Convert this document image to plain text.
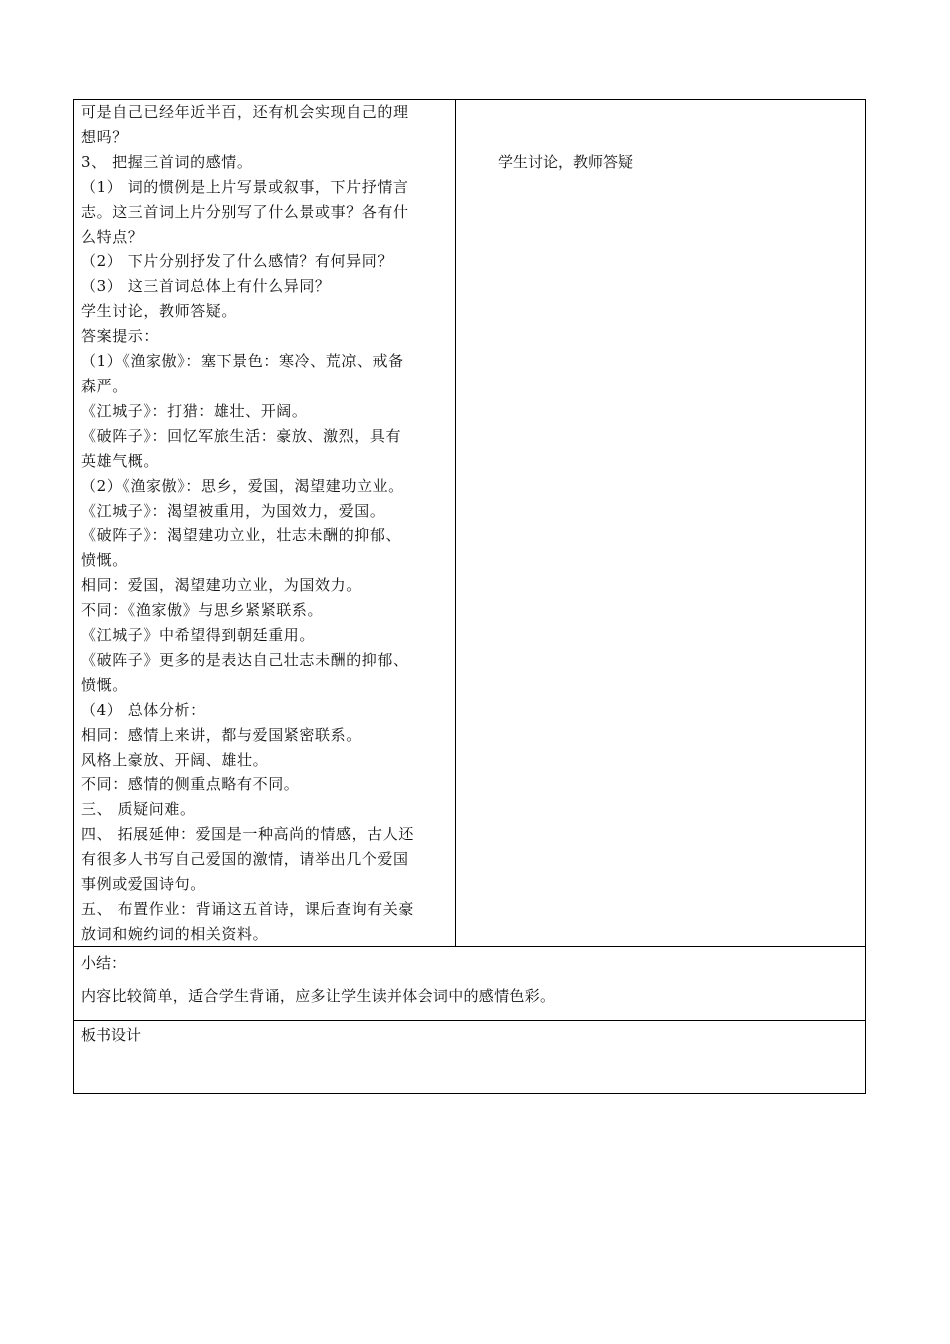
可是自己已经年近半百，还有机会实现自己的理
想吗？
3、 把握三首词的感情。
（1） 词的惯例是上片写景或叙事，下片抒情言
志。这三首词上片分别写了什么景或事？各有什
么特点？
（2） 下片分别抒发了什么感情？有何异同？
（3） 这三首词总体上有什么异同？
学生讨论，教师答疑。
答案提示：
（1）《渔家傲》：塞下景色：寒冷、荒凉、戒备
森严。
《江城子》：打猎：雄壮、开阔。
《破阵子》：回忆军旅生活：豪放、激烈，具有
英雄气概。
（2）《渔家傲》：思乡，爱国，渴望建功立业。
《江城子》：渴望被重用，为国效力，爱国。
《破阵子》：渴望建功立业，壮志未酬的抑郁、
愤慨。
相同：爱国，渴望建功立业，为国效力。
不同：《渔家傲》与思乡紧紧联系。
《江城子》中希望得到朝廷重用。
《破阵子》更多的是表达自己壮志未酬的抑郁、
愤慨。
（4） 总体分析：
相同：感情上来讲，都与爱国紧密联系。
风格上豪放、开阔、雄壮。
不同：感情的侧重点略有不同。
三、 质疑问难。
四、 拓展延伸：爱国是一种高尚的情感，古人还
有很多人书写自己爱国的激情，请举出几个爱国
事例或爱国诗句。
五、 布置作业：背诵这五首诗，课后查询有关豪
放词和婉约词的相关资料。
学生讨论，教师答疑
小结：
内容比较简单，适合学生背诵，应多让学生读并体会词中的感情色彩。
板书设计
